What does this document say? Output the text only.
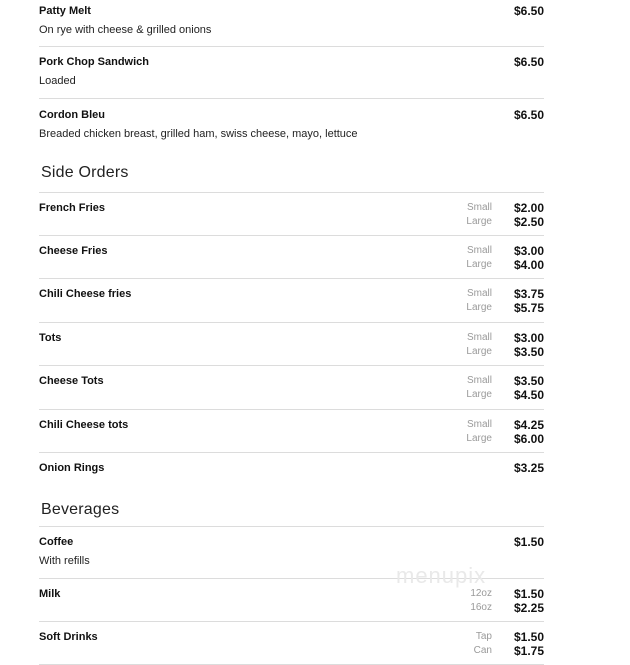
Patty Melt	$6.50
On rye with cheese & grilled onions
Pork Chop Sandwich	$6.50
Loaded
Cordon Bleu	$6.50
Breaded chicken breast, grilled ham, swiss cheese, mayo, lettuce
Side Orders
French Fries	Small $2.00
Large $2.50
Cheese Fries	Small $3.00
Large $4.00
Chili Cheese fries	Small $3.75
Large $5.75
Tots	Small $3.00
Large $3.50
Cheese Tots	Small $3.50
Large $4.50
Chili Cheese tots	Small $4.25
Large $6.00
Onion Rings	$3.25
Beverages
Coffee	$1.50
With refills
Milk	12oz $1.50
16oz $2.25
Soft Drinks	Tap $1.50
Can $1.75
menupix
